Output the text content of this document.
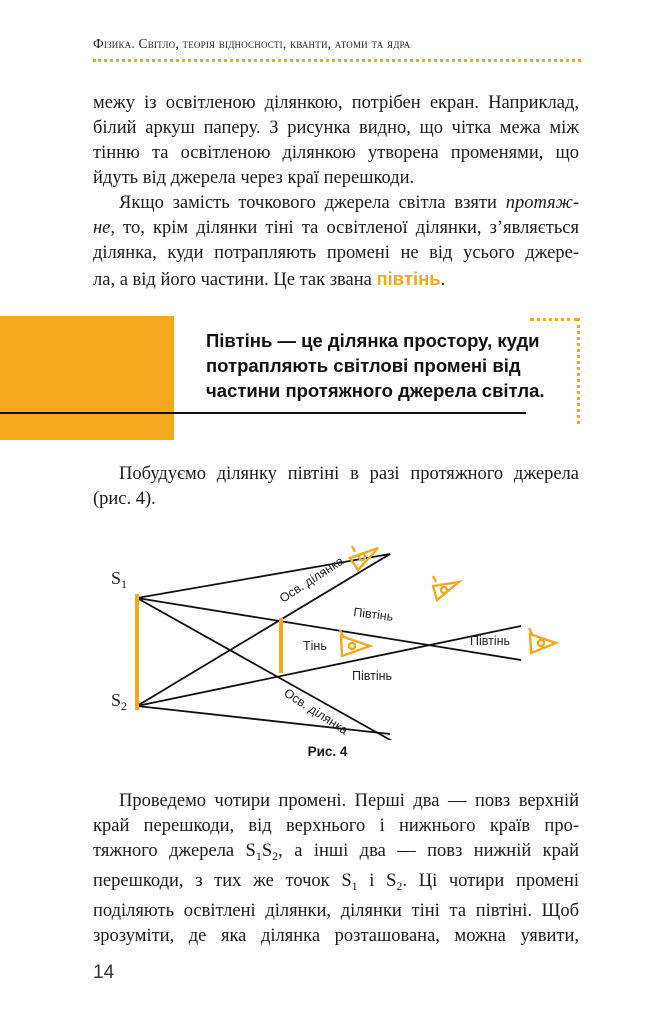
Фізика. Світло, теорія відносності, кванти, атоми та ядра

межу із освітленою ділянкою, потрібен екран. Наприклад,
білий аркуш паперу. З рисунка видно, що чітка межа між
тінню та освітленою ділянкою утворена променями, що
йдуть від джерела через краї перешкоди.

Якщо замість точкового джерела світла взяти протяж-
не, то, крім ділянки тіні та освітленої ділянки, з’являється
ділянка, куди потрапляють промені не від усього джере-
ла, а від його частини. Це так звана півтінь.

Півтінь — це ділянка простору, куди
потрапляють світлові промені від
частини протяжного джерела світла.

Побудуємо ділянку півтіні в разі протяжного джерела
(рис. 4).

$S_1$
$S_2$
Осв. ділянка
Осв. ділянка
Півтінь
Півтінь
Тінь	Півтінь
Рис. 4

Проведемо чотири промені. Перші два — повз верхній
край перешкоди, від верхнього і нижнього країв про-
тяжного джерела $S_1S_2$, а інші два — повз нижній край
перешкоди, з тих же точок $S_1$ і $S_2$. Ці чотири промені
поділяють освітлені ділянки, ділянки тіні та півтіні. Щоб
зрозуміти, де яка ділянка розташована, можна уявити,

14
